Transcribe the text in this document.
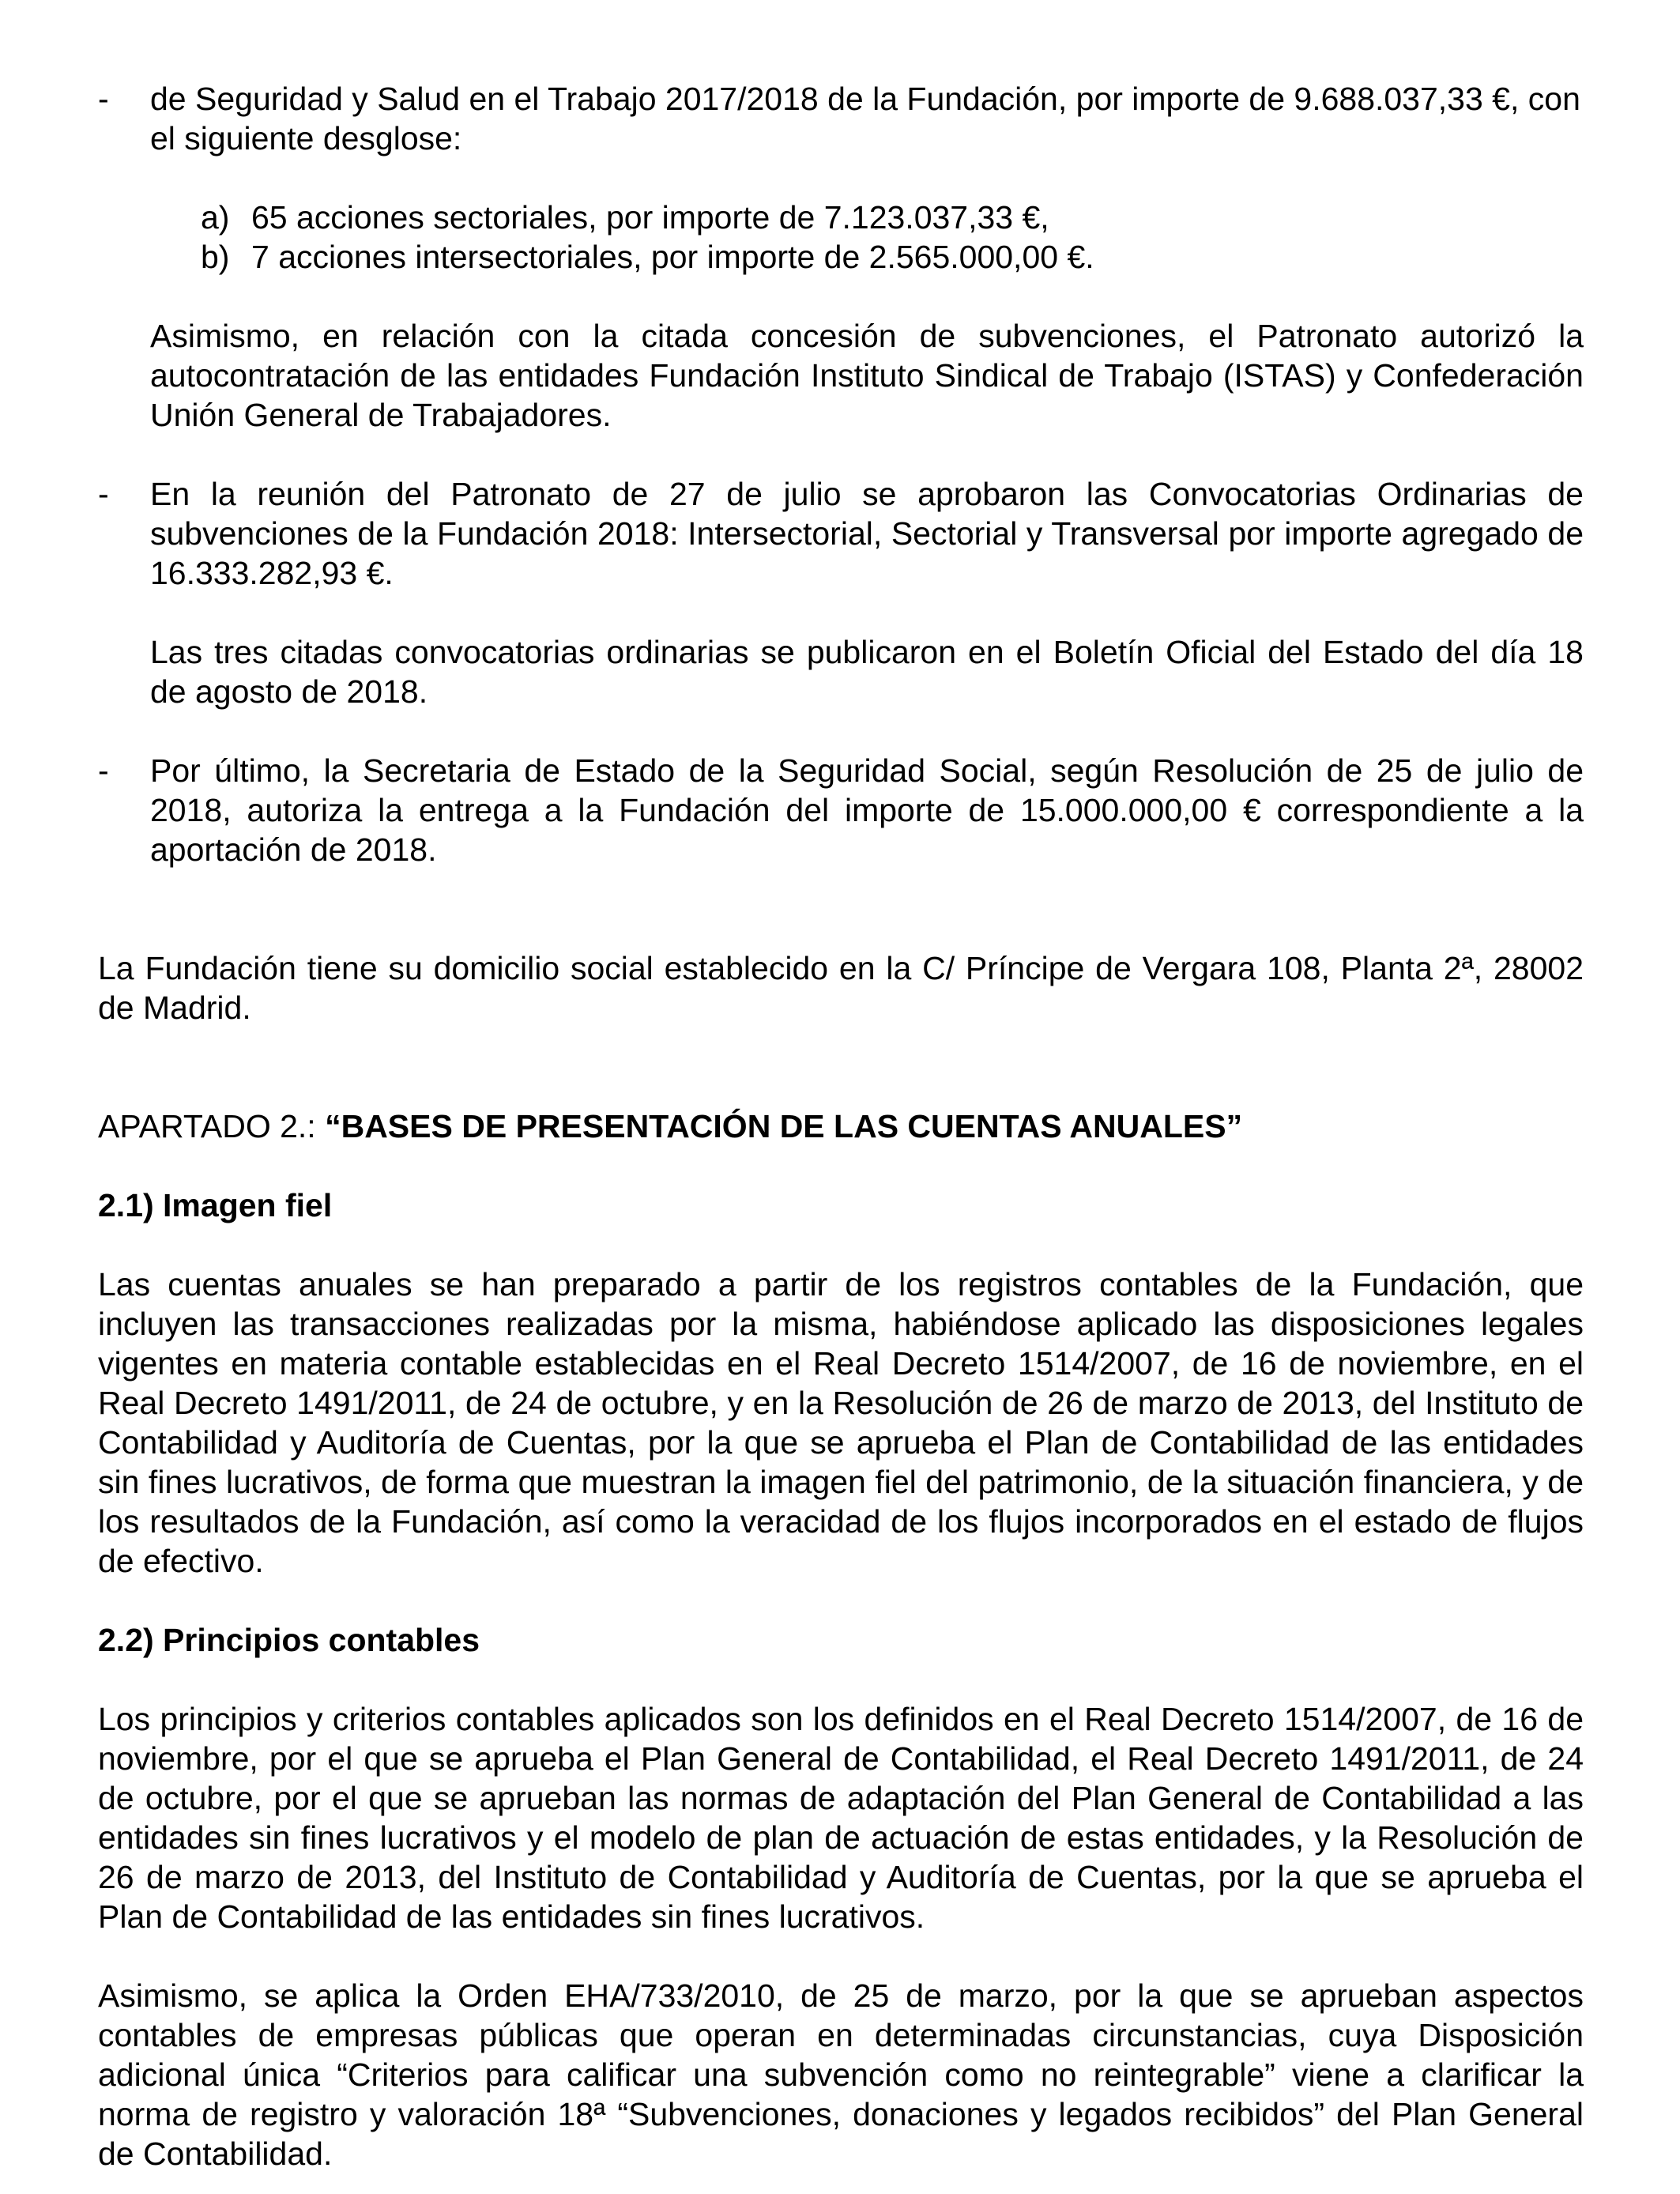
- de Seguridad y Salud en el Trabajo 2017/2018 de la Fundación, por importe de 9.688.037,33 €, con el siguiente desglose:

a) 65 acciones sectoriales, por importe de 7.123.037,33 €,
b) 7 acciones intersectoriales, por importe de 2.565.000,00 €.

Asimismo, en relación con la citada concesión de subvenciones, el Patronato autorizó la autocontratación de las entidades Fundación Instituto Sindical de Trabajo (ISTAS) y Confederación Unión General de Trabajadores.

- En la reunión del Patronato de 27 de julio se aprobaron las Convocatorias Ordinarias de subvenciones de la Fundación 2018: Intersectorial, Sectorial y Transversal por importe agregado de 16.333.282,93 €.

Las tres citadas convocatorias ordinarias se publicaron en el Boletín Oficial del Estado del día 18 de agosto de 2018.

- Por último, la Secretaria de Estado de la Seguridad Social, según Resolución de 25 de julio de 2018, autoriza la entrega a la Fundación del importe de 15.000.000,00 € correspondiente a la aportación de 2018.

La Fundación tiene su domicilio social establecido en la C/ Príncipe de Vergara 108, Planta 2ª, 28002 de Madrid.

APARTADO 2.: “BASES DE PRESENTACIÓN DE LAS CUENTAS ANUALES”

2.1) Imagen fiel

Las cuentas anuales se han preparado a partir de los registros contables de la Fundación, que incluyen las transacciones realizadas por la misma, habiéndose aplicado las disposiciones legales vigentes en materia contable establecidas en el Real Decreto 1514/2007, de 16 de noviembre, en el Real Decreto 1491/2011, de 24 de octubre, y en la Resolución de 26 de marzo de 2013, del Instituto de Contabilidad y Auditoría de Cuentas, por la que se aprueba el Plan de Contabilidad de las entidades sin fines lucrativos, de forma que muestran la imagen fiel del patrimonio, de la situación financiera, y de los resultados de la Fundación, así como la veracidad de los flujos incorporados en el estado de flujos de efectivo.

2.2) Principios contables

Los principios y criterios contables aplicados son los definidos en el Real Decreto 1514/2007, de 16 de noviembre, por el que se aprueba el Plan General de Contabilidad, el Real Decreto 1491/2011, de 24 de octubre, por el que se aprueban las normas de adaptación del Plan General de Contabilidad a las entidades sin fines lucrativos y el modelo de plan de actuación de estas entidades, y la Resolución de 26 de marzo de 2013, del Instituto de Contabilidad y Auditoría de Cuentas, por la que se aprueba el Plan de Contabilidad de las entidades sin fines lucrativos.

Asimismo, se aplica la Orden EHA/733/2010, de 25 de marzo, por la que se aprueban aspectos contables de empresas públicas que operan en determinadas circunstancias, cuya Disposición adicional única “Criterios para calificar una subvención como no reintegrable” viene a clarificar la norma de registro y valoración 18ª “Subvenciones, donaciones y legados recibidos” del Plan General de Contabilidad.
